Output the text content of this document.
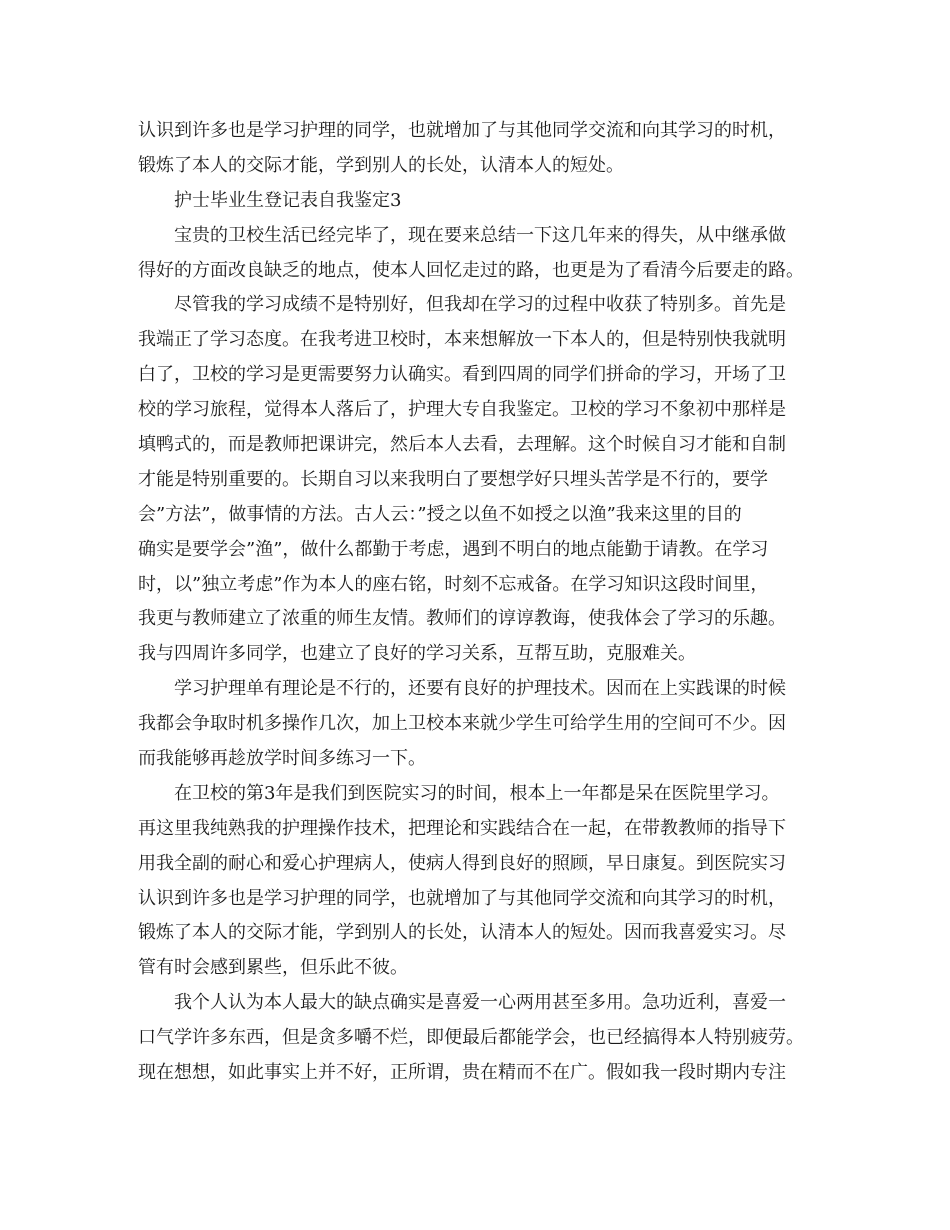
认识到许多也是学习护理的同学，也就增加了与其他同学交流和向其学习的时机，
锻炼了本人的交际才能，学到别人的长处，认清本人的短处。
护士毕业生登记表自我鉴定3
宝贵的卫校生活已经完毕了，现在要来总结一下这几年来的得失，从中继承做
得好的方面改良缺乏的地点，使本人回忆走过的路，也更是为了看清今后要走的路。
尽管我的学习成绩不是特别好，但我却在学习的过程中收获了特别多。首先是
我端正了学习态度。在我考进卫校时，本来想解放一下本人的，但是特别快我就明
白了，卫校的学习是更需要努力认确实。看到四周的同学们拼命的学习，开场了卫
校的学习旅程，觉得本人落后了，护理大专自我鉴定。卫校的学习不象初中那样是
填鸭式的，而是教师把课讲完，然后本人去看，去理解。这个时候自习才能和自制
才能是特别重要的。长期自习以来我明白了要想学好只埋头苦学是不行的，要学
会”方法”，做事情的方法。古人云：”授之以鱼不如授之以渔”我来这里的目的
确实是要学会”渔”，做什么都勤于考虑，遇到不明白的地点能勤于请教。在学习
时，以”独立考虑”作为本人的座右铭，时刻不忘戒备。在学习知识这段时间里，
我更与教师建立了浓重的师生友情。教师们的谆谆教诲，使我体会了学习的乐趣。
我与四周许多同学，也建立了良好的学习关系，互帮互助，克服难关。
学习护理单有理论是不行的，还要有良好的护理技术。因而在上实践课的时候
我都会争取时机多操作几次，加上卫校本来就少学生可给学生用的空间可不少。因
而我能够再趁放学时间多练习一下。
在卫校的第3年是我们到医院实习的时间，根本上一年都是呆在医院里学习。
再这里我纯熟我的护理操作技术，把理论和实践结合在一起，在带教教师的指导下
用我全副的耐心和爱心护理病人，使病人得到良好的照顾，早日康复。到医院实习
认识到许多也是学习护理的同学，也就增加了与其他同学交流和向其学习的时机，
锻炼了本人的交际才能，学到别人的长处，认清本人的短处。因而我喜爱实习。尽
管有时会感到累些，但乐此不彼。
我个人认为本人最大的缺点确实是喜爱一心两用甚至多用。急功近利，喜爱一
口气学许多东西，但是贪多嚼不烂，即便最后都能学会，也已经搞得本人特别疲劳。
现在想想，如此事实上并不好，正所谓，贵在精而不在广。假如我一段时期内专注
